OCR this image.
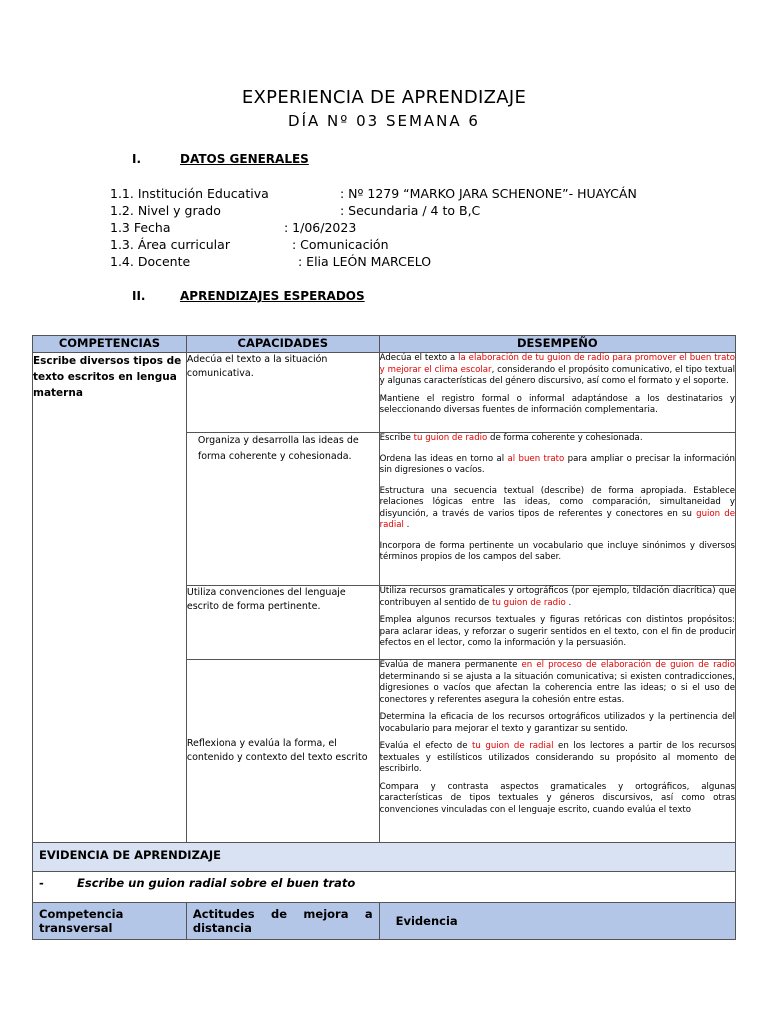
EXPERIENCIA DE APRENDIZAJE
DÍA Nº 03 SEMANA 6
I.	DATOS GENERALES
1.1. Institución Educativa	: Nº 1279 “MARKO JARA SCHENONE”- HUAYCÁN
1.2. Nivel y grado	: Secundaria / 4 to B,C
1.3 Fecha	: 1/06/2023
1.3. Área curricular	: Comunicación
1.4. Docente	: Elia LEÓN MARCELO
II.	APRENDIZAJES ESPERADOS
COMPETENCIAS	CAPACIDADES	DESEMPEÑO
Escribe diversos tipos de texto escritos en lengua materna	Adecúa el texto a la situación comunicativa.	Adecúa el texto a la elaboración de tu guion de radio para promover el buen trato y mejorar el clima escolar, considerando el propósito comunicativo, el tipo textual y algunas características del género discursivo, así como el formato y el soporte.

Mantiene el registro formal o informal adaptándose a los destinatarios y seleccionando diversas fuentes de información complementaria.

	Organiza y desarrolla las ideas de forma coherente y cohesionada.	Escribe tu guion de radio de forma coherente y cohesionada.

Ordena las ideas en torno al al buen trato para ampliar o precisar la información sin digresiones o vacíos.

Estructura una secuencia textual (describe) de forma apropiada. Establece relaciones lógicas entre las ideas, como comparación, simultaneidad y disyunción, a través de varios tipos de referentes y conectores en su guion de radial .

Incorpora de forma pertinente un vocabulario que incluye sinónimos y diversos términos propios de los campos del saber.

	Utiliza convenciones del lenguaje escrito de forma pertinente.	Utiliza recursos gramaticales y ortográficos (por ejemplo, tildación diacrítica) que contribuyen al sentido de tu guion de radio .

Emplea algunos recursos textuales y figuras retóricas con distintos propósitos: para aclarar ideas, y reforzar o sugerir sentidos en el texto, con el fin de producir efectos en el lector, como la información y la persuasión.

	Reflexiona y evalúa la forma, el contenido y contexto del texto escrito	Evalúa de manera permanente en el proceso de elaboración de guion de radio determinando si se ajusta a la situación comunicativa; si existen contradicciones, digresiones o vacíos que afectan la coherencia entre las ideas; o si el uso de conectores y referentes asegura la cohesión entre estas.

Determina la eficacia de los recursos ortográficos utilizados y la pertinencia del vocabulario para mejorar el texto y garantizar su sentido.

Evalúa el efecto de tu guion de radial en los lectores a partir de los recursos textuales y estilísticos utilizados considerando su propósito al momento de escribirlo.

Compara y contrasta aspectos gramaticales y ortográficos, algunas características de tipos textuales y géneros discursivos, así como otras convenciones vinculadas con el lenguaje escrito, cuando evalúa el texto

EVIDENCIA DE APRENDIZAJE		
- Escribe un guion radial sobre el buen trato		
Competencia transversal	Actitudes de mejora a distancia	Evidencia
